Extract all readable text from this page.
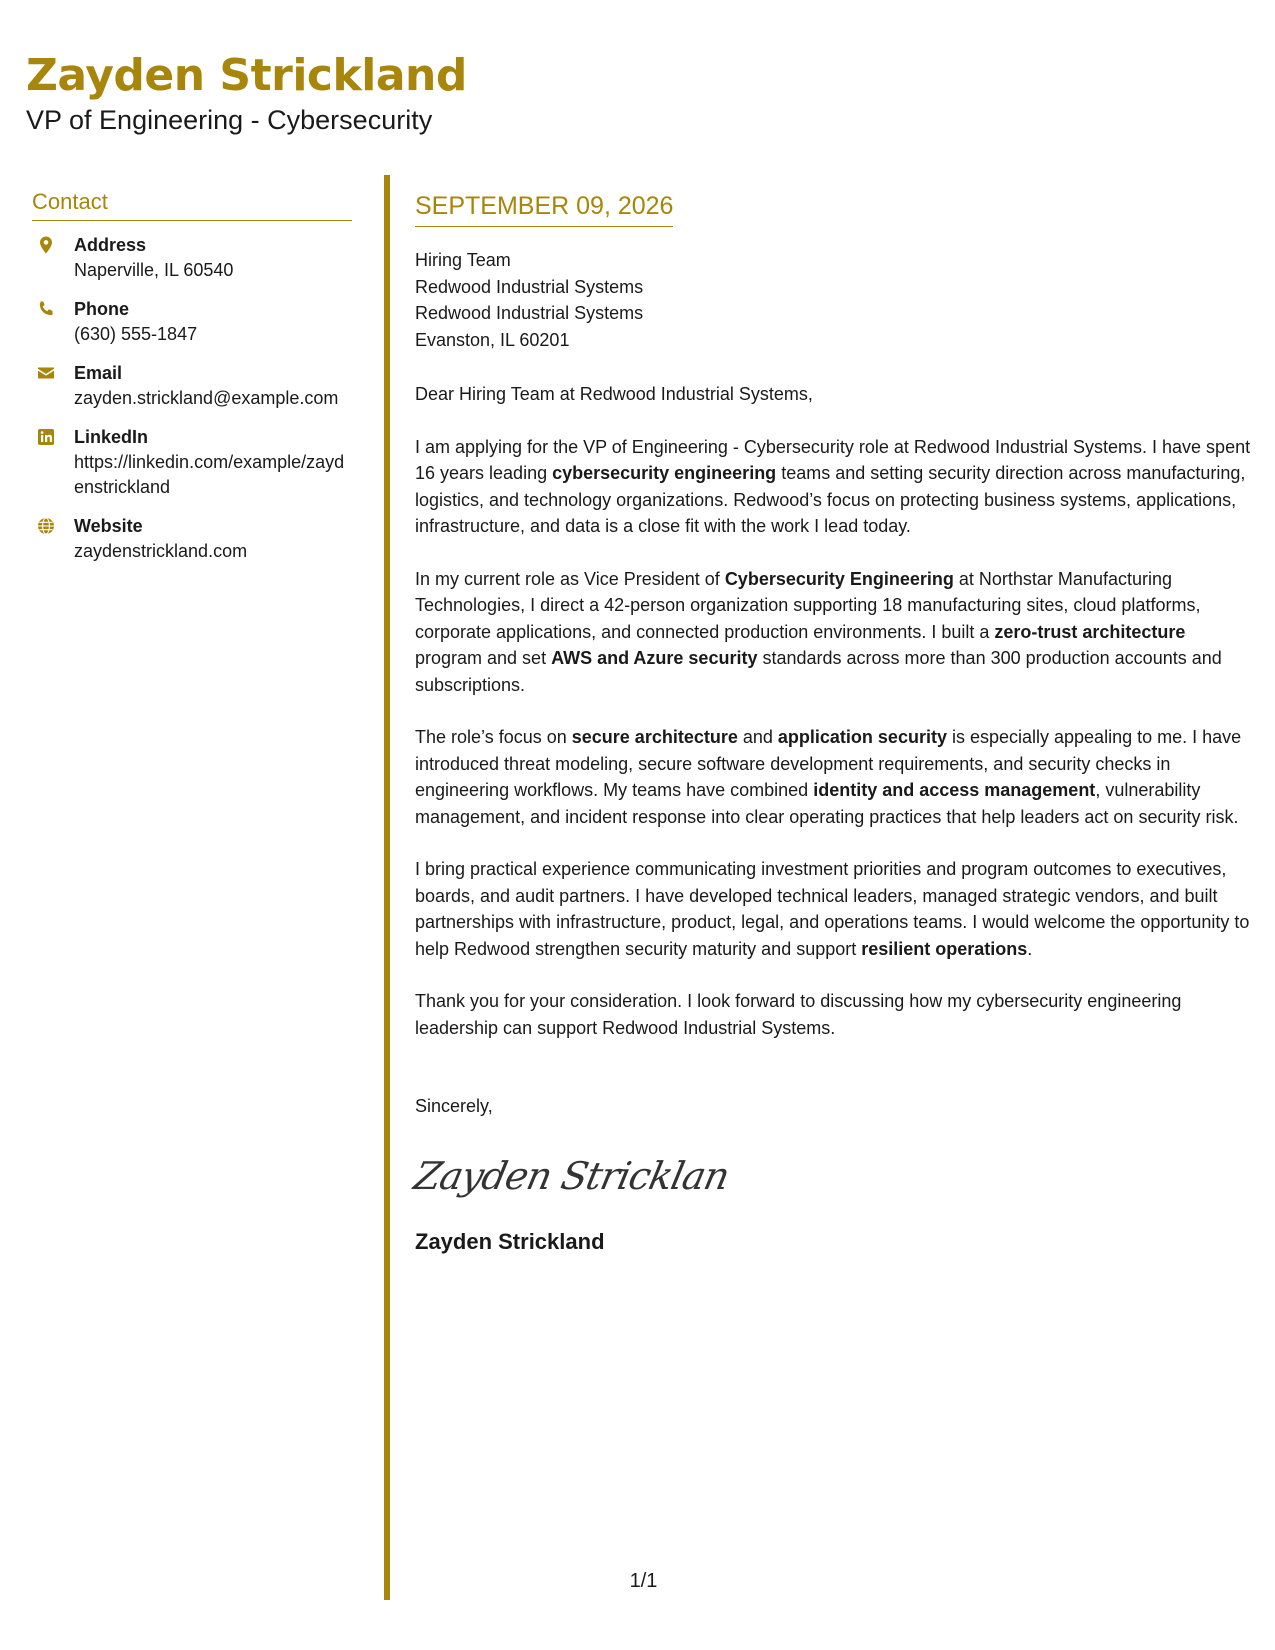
Zayden Strickland
VP of Engineering - Cybersecurity
Contact
Address
Naperville, IL 60540
Phone
(630) 555-1847
Email
zayden.strickland@example.com
LinkedIn
https://linkedin.com/example/zaydenstrickland
Website
zaydenstrickland.com
SEPTEMBER 09, 2026
Hiring Team
Redwood Industrial Systems
Redwood Industrial Systems
Evanston, IL 60201

Dear Hiring Team at Redwood Industrial Systems,

I am applying for the VP of Engineering - Cybersecurity role at Redwood Industrial Systems. I have spent 16 years leading cybersecurity engineering teams and setting security direction across manufacturing, logistics, and technology organizations. Redwood’s focus on protecting business systems, applications, infrastructure, and data is a close fit with the work I lead today.

In my current role as Vice President of Cybersecurity Engineering at Northstar Manufacturing Technologies, I direct a 42-person organization supporting 18 manufacturing sites, cloud platforms, corporate applications, and connected production environments. I built a zero-trust architecture program and set AWS and Azure security standards across more than 300 production accounts and subscriptions.

The role’s focus on secure architecture and application security is especially appealing to me. I have introduced threat modeling, secure software development requirements, and security checks in engineering workflows. My teams have combined identity and access management, vulnerability management, and incident response into clear operating practices that help leaders act on security risk.

I bring practical experience communicating investment priorities and program outcomes to executives, boards, and audit partners. I have developed technical leaders, managed strategic vendors, and built partnerships with infrastructure, product, legal, and operations teams. I would welcome the opportunity to help Redwood strengthen security maturity and support resilient operations.

Thank you for your consideration. I look forward to discussing how my cybersecurity engineering leadership can support Redwood Industrial Systems.

Sincerely,

Zayden Stricklan
Zayden Strickland
1/1
